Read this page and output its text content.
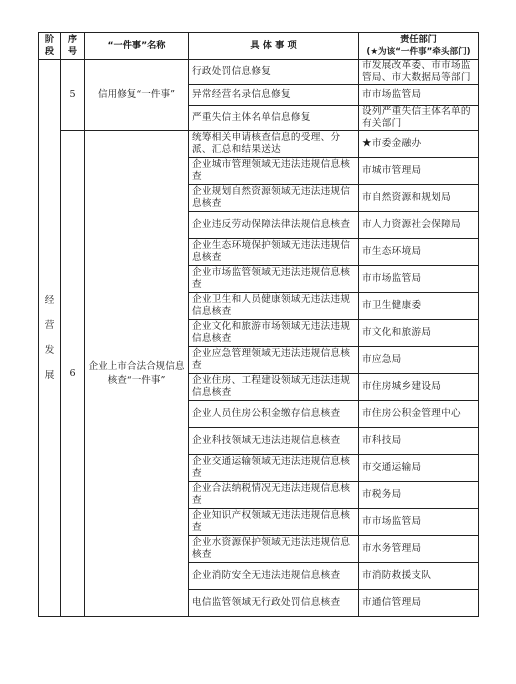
阶段	序号	“一件事”名称	具 体 事 项	责任部门
(★为该“一件事”牵头部门)

经营发展	5	信用修复“一件事”	行政处罚信息修复	市发展改革委、市市场监管局、市大数据局等部门
			异常经营名录信息修复	市市场监管局
			严重失信主体名单信息修复	设列严重失信主体名单的有关部门
	6	企业上市合法合规信息核查“一件事”	统筹相关申请核查信息的受理、分派、汇总和结果送达	★市委金融办
			企业城市管理领域无违法违规信息核查	市城市管理局
			企业规划自然资源领域无违法违规信息核查	市自然资源和规划局
			企业违反劳动保障法律法规信息核查	市人力资源社会保障局
			企业生态环境保护领域无违法违规信息核查	市生态环境局
			企业市场监管领域无违法违规信息核查	市市场监管局
			企业卫生和人员健康领域无违法违规信息核查	市卫生健康委
			企业文化和旅游市场领域无违法违规信息核查	市文化和旅游局
			企业应急管理领域无违法违规信息核查	市应急局
			企业住房、工程建设领域无违法违规信息核查	市住房城乡建设局
			企业人员住房公积金缴存信息核查	市住房公积金管理中心
			企业科技领域无违法违规信息核查	市科技局
			企业交通运输领域无违法违规信息核查	市交通运输局
			企业合法纳税情况无违法违规信息核查	市税务局
			企业知识产权领域无违法违规信息核查	市市场监管局
			企业水资源保护领域无违法违规信息核查	市水务管理局
			企业消防安全无违法违规信息核查	市消防救援支队
			电信监管领域无行政处罚信息核查	市通信管理局
